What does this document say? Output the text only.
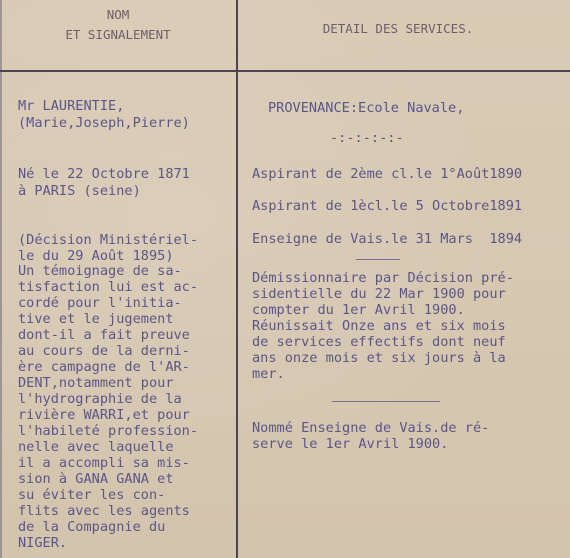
NOM
ET SIGNALEMENT	DETAIL DES SERVICES.
Mr LAURENTIE,
(Marie,Joseph,Pierre)
Né le 22 Octobre 1871
à PARIS (seine)
(Décision Ministériel-
le du 29 Août 1895)
Un témoignage de sa-
tisfaction lui est ac-
cordé pour l'initia-
tive et le jugement
dont-il a fait preuve
au cours de la derni-
ère campagne de l'AR-
DENT,notamment pour
l'hydrographie de la
rivière WARRI,et pour
l'habileté profession-
nelle avec laquelle
il a accompli sa mis-
sion à GANA GANA et
su éviter les con-
flits avec les agents
de la Compagnie du
NIGER.
PROVENANCE:Ecole Navale,
-:-:-:-:-
Aspirant de 2ème cl.le 1°Août1890
Aspirant de 1ècl.le 5 Octobre1891
Enseigne de Vais.le 31 Mars  1894
Démissionnaire par Décision pré-
sidentielle du 22 Mar 1900 pour
compter du 1er Avril 1900.
Réunissait Onze ans et six mois
de services effectifs dont neuf
ans onze mois et six jours à la
mer.
Nommé Enseigne de Vais.de ré-
serve le 1er Avril 1900.
